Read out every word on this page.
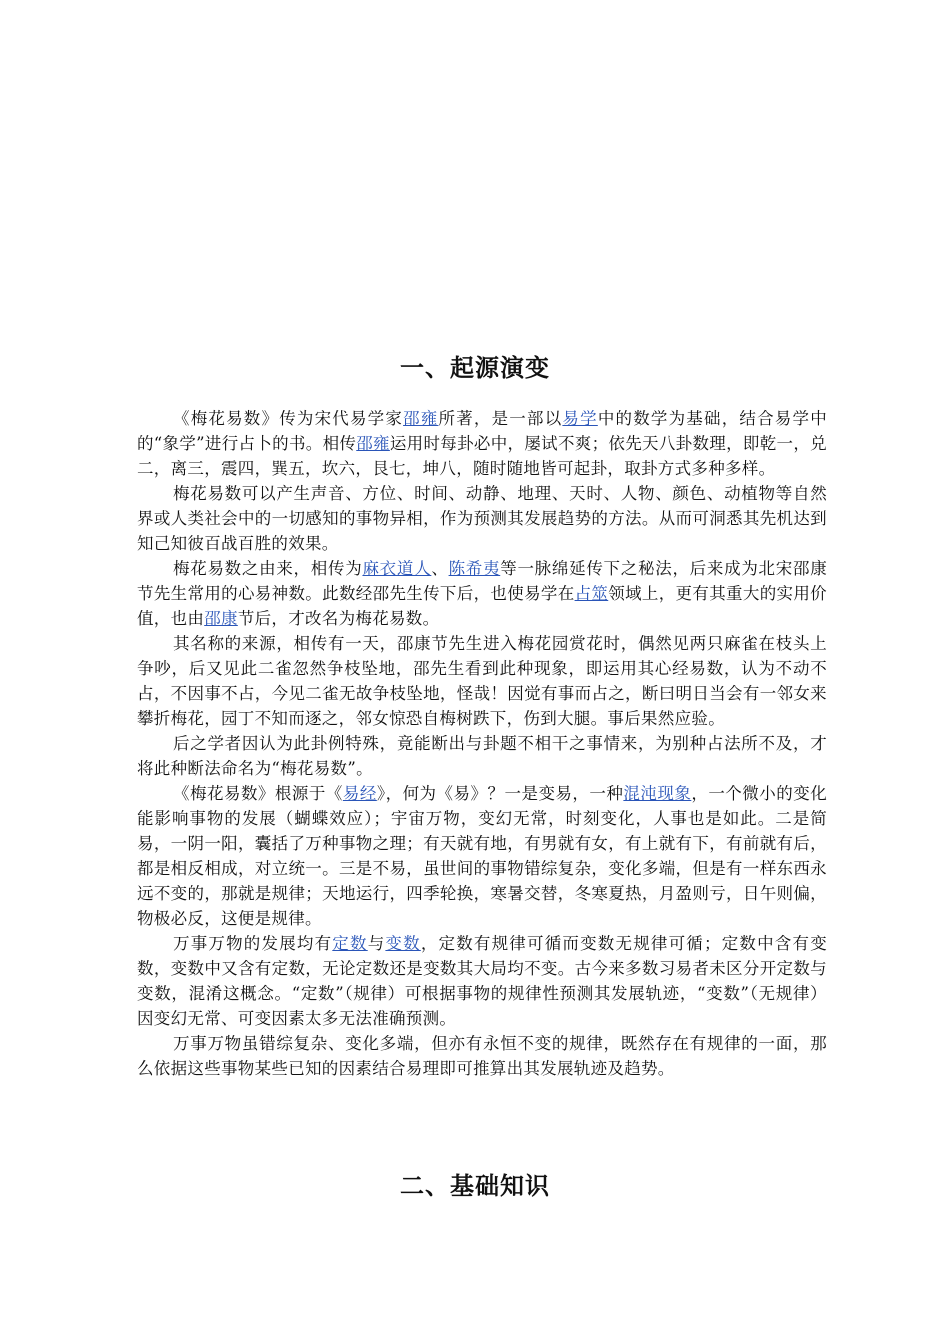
一、起源演变

《梅花易数》传为宋代易学家邵雍所著，是一部以易学中的数学为基础，结合易学中的“象学”进行占卜的书。相传邵雍运用时每卦必中，屡试不爽；依先天八卦数理，即乾一，兑二，离三，震四，巽五，坎六，艮七，坤八，随时随地皆可起卦，取卦方式多种多样。

梅花易数可以产生声音、方位、时间、动静、地理、天时、人物、颜色、动植物等自然界或人类社会中的一切感知的事物异相，作为预测其发展趋势的方法。从而可洞悉其先机达到知己知彼百战百胜的效果。

梅花易数之由来，相传为麻衣道人、陈希夷等一脉绵延传下之秘法，后来成为北宋邵康节先生常用的心易神数。此数经邵先生传下后，也使易学在占筮领域上，更有其重大的实用价值，也由邵康节后，才改名为梅花易数。

其名称的来源，相传有一天，邵康节先生进入梅花园赏花时，偶然见两只麻雀在枝头上争吵，后又见此二雀忽然争枝坠地，邵先生看到此种现象，即运用其心经易数，认为不动不占，不因事不占，今见二雀无故争枝坠地，怪哉！因觉有事而占之，断曰明日当会有一邻女来攀折梅花，园丁不知而逐之，邻女惊恐自梅树跌下，伤到大腿。事后果然应验。

后之学者因认为此卦例特殊，竟能断出与卦题不相干之事情来，为别种占法所不及，才将此种断法命名为“梅花易数”。

《梅花易数》根源于《易经》，何为《易》？一是变易，一种混沌现象，一个微小的变化能影响事物的发展（蝴蝶效应）；宇宙万物，变幻无常，时刻变化，人事也是如此。二是简易，一阴一阳，囊括了万种事物之理；有天就有地，有男就有女，有上就有下，有前就有后，都是相反相成，对立统一。三是不易，虽世间的事物错综复杂，变化多端，但是有一样东西永远不变的，那就是规律；天地运行，四季轮换，寒暑交替，冬寒夏热，月盈则亏，日午则偏，物极必反，这便是规律。

万事万物的发展均有定数与变数，定数有规律可循而变数无规律可循；定数中含有变数，变数中又含有定数，无论定数还是变数其大局均不变。古今来多数习易者未区分开定数与变数，混淆这概念。“定数”（规律）可根据事物的规律性预测其发展轨迹，“变数”（无规律）因变幻无常、可变因素太多无法准确预测。

万事万物虽错综复杂、变化多端，但亦有永恒不变的规律，既然存在有规律的一面，那么依据这些事物某些已知的因素结合易理即可推算出其发展轨迹及趋势。

二、基础知识
